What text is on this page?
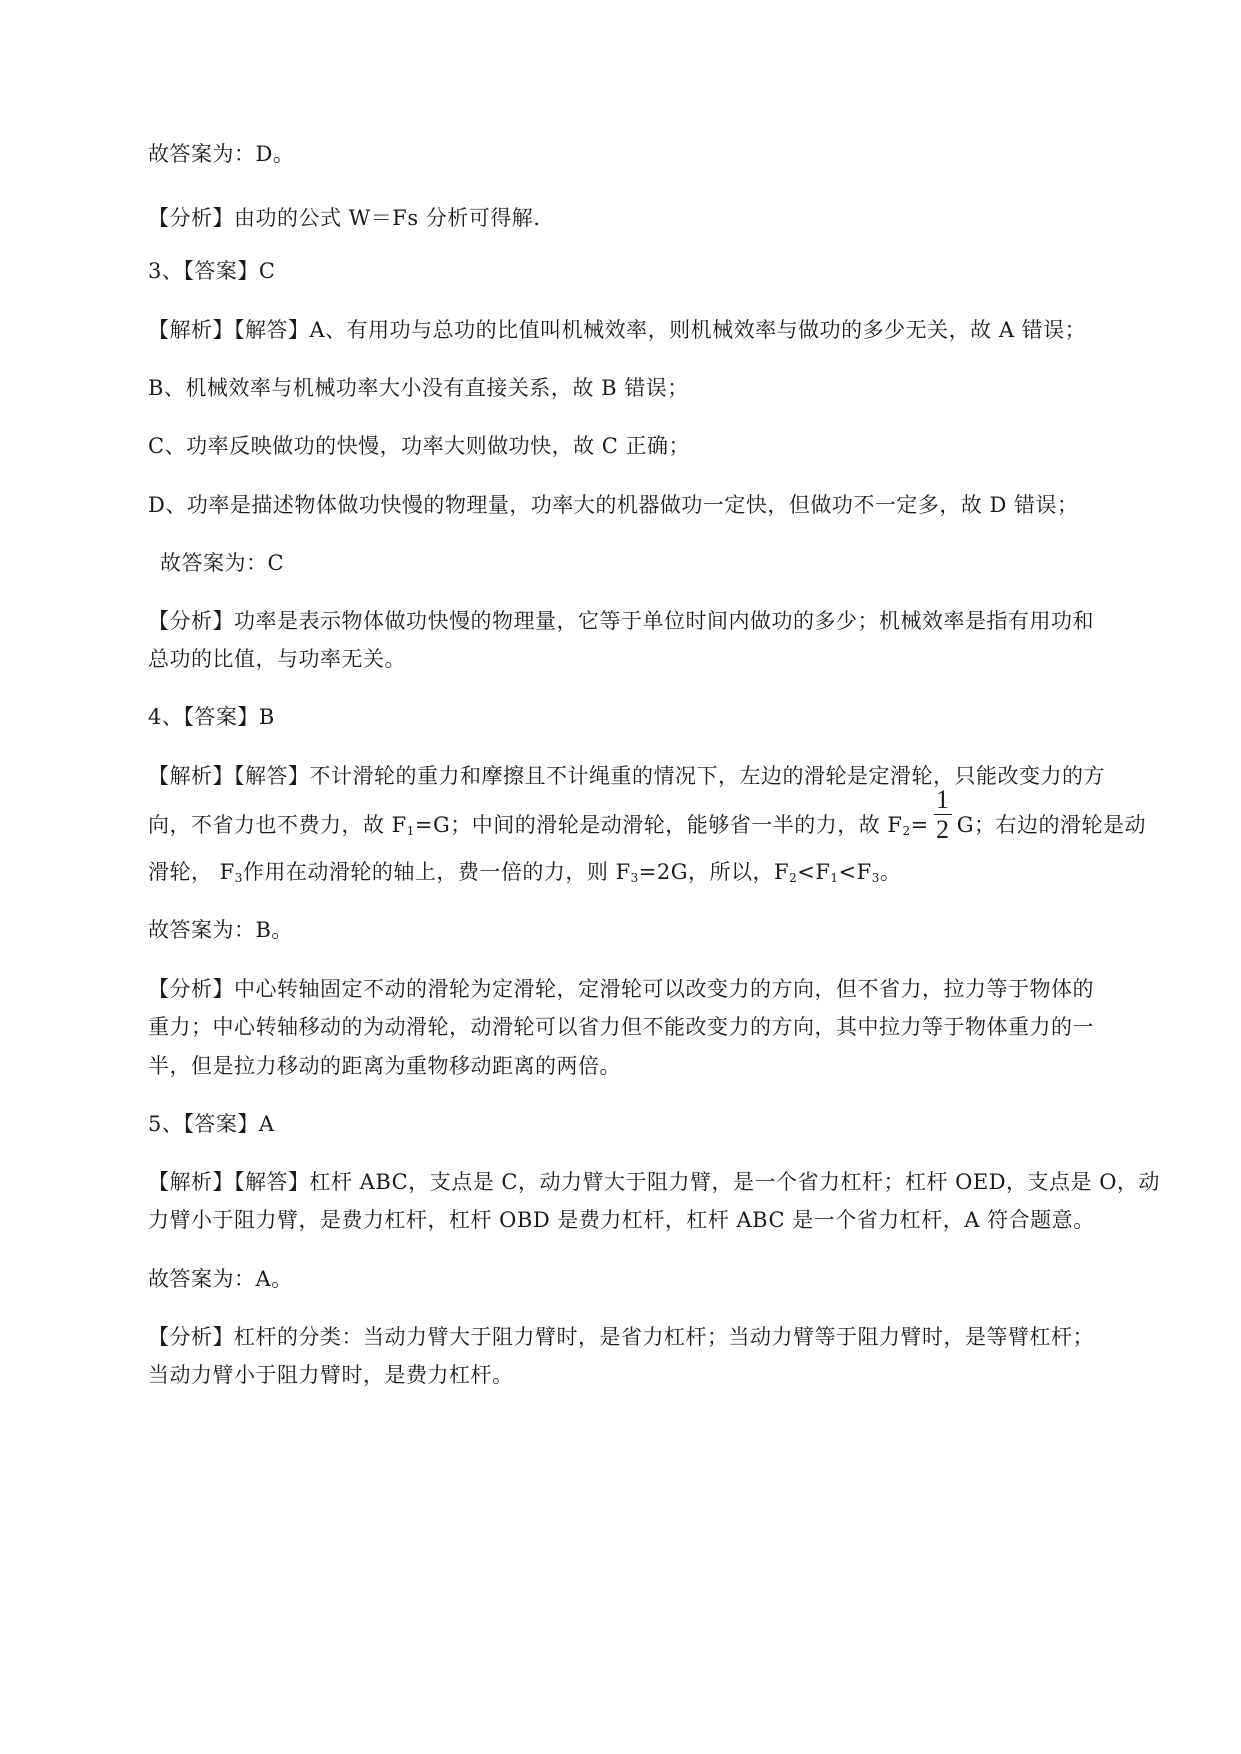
故答案为：D。
【分析】由功的公式 W＝Fs 分析可得解.
3、【答案】C
【解析】【解答】A、有用功与总功的比值叫机械效率，则机械效率与做功的多少无关，故 A 错误；
B、机械效率与机械功率大小没有直接关系，故 B 错误；
C、功率反映做功的快慢，功率大则做功快，故 C 正确；
D、功率是描述物体做功快慢的物理量，功率大的机器做功一定快，但做功不一定多，故 D 错误；
故答案为：C
【分析】功率是表示物体做功快慢的物理量，它等于单位时间内做功的多少；机械效率是指有用功和
总功的比值，与功率无关。
4、【答案】B
【解析】【解答】不计滑轮的重力和摩擦且不计绳重的情况下，左边的滑轮是定滑轮，只能改变力的方
向，不省力也不费力，故 $F_1=G$；中间的滑轮是动滑轮，能够省一半的力，故 $F_2= \frac{1}{2}$ G；右边的滑轮是动
滑轮， $F_3$作用在动滑轮的轴上，费一倍的力，则 $F_3=2G$，所以，$F_2<F_1<F_3$。
故答案为：B。
【分析】中心转轴固定不动的滑轮为定滑轮，定滑轮可以改变力的方向，但不省力，拉力等于物体的
重力；中心转轴移动的为动滑轮，动滑轮可以省力但不能改变力的方向，其中拉力等于物体重力的一
半，但是拉力移动的距离为重物移动距离的两倍。
5、【答案】A
【解析】【解答】杠杆 ABC，支点是 C，动力臂大于阻力臂，是一个省力杠杆；杠杆 OED，支点是 O，动
力臂小于阻力臂，是费力杠杆，杠杆 OBD 是费力杠杆，杠杆 ABC 是一个省力杠杆，A 符合题意。
故答案为：A。
【分析】杠杆的分类：当动力臂大于阻力臂时，是省力杠杆；当动力臂等于阻力臂时，是等臂杠杆；
当动力臂小于阻力臂时，是费力杠杆。
